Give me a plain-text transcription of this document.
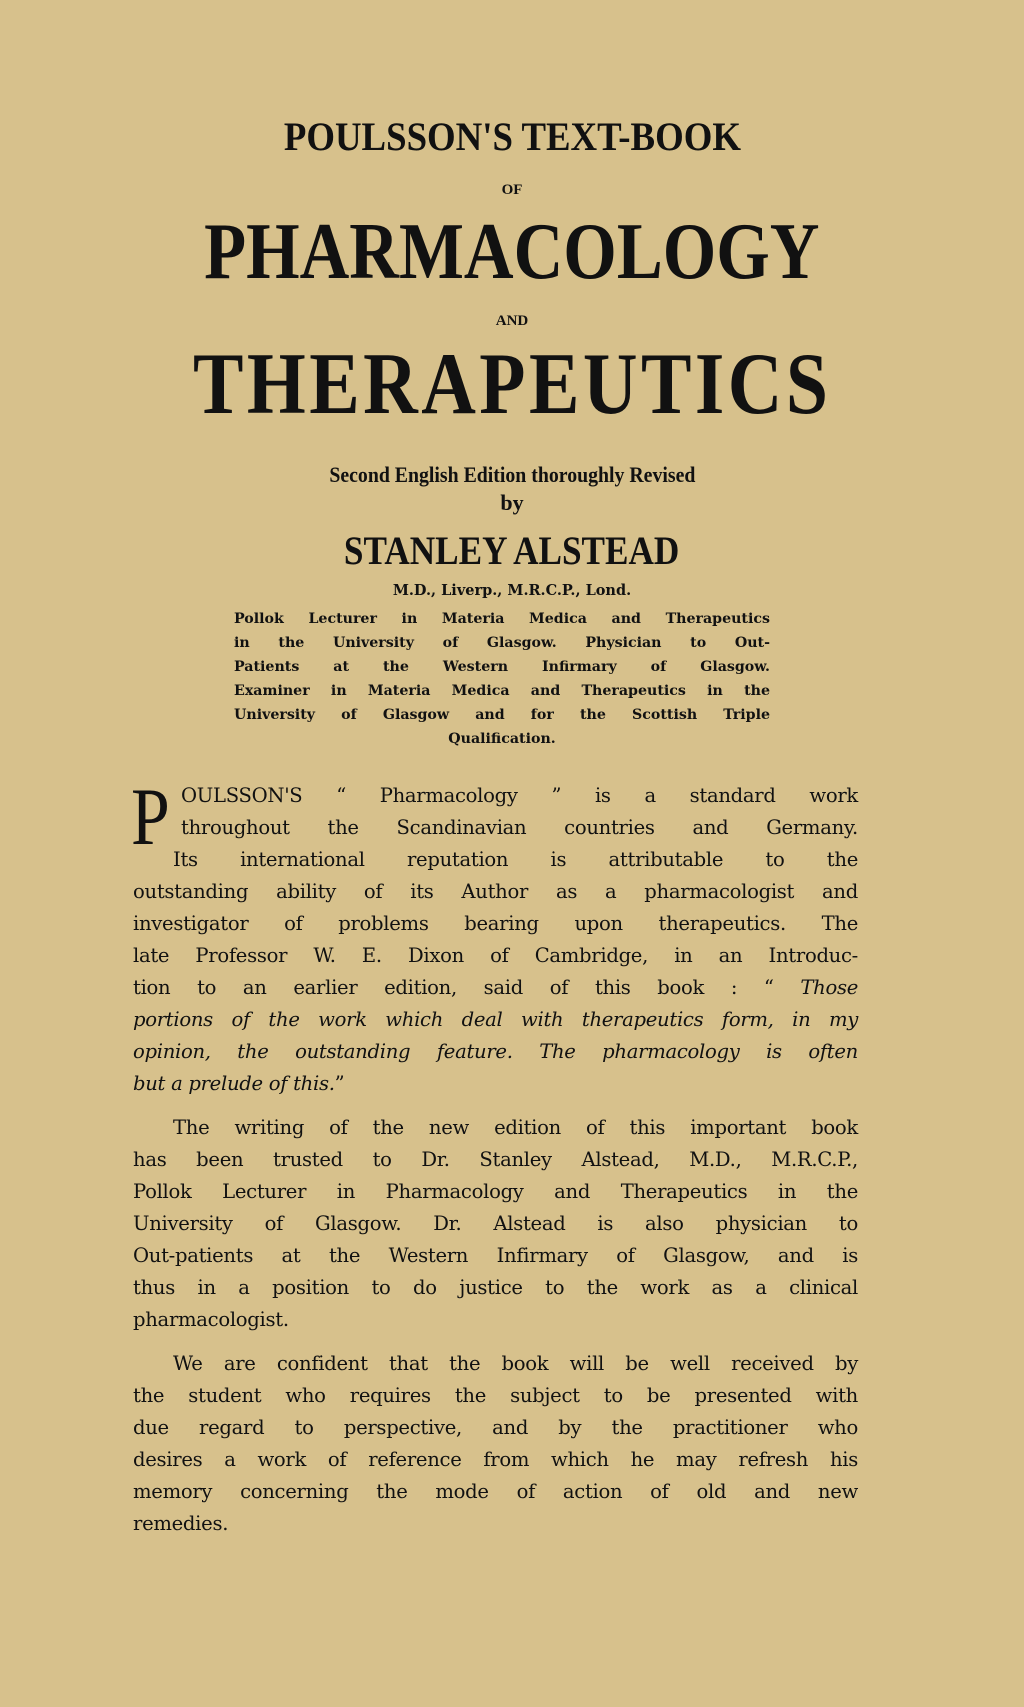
POULSSON'S TEXT-BOOK
OF
PHARMACOLOGY
AND
THERAPEUTICS
Second English Edition thoroughly Revised
by
STANLEY ALSTEAD
M.D., Liverp., M.R.C.P., Lond.
Pollok Lecturer in Materia Medica and Therapeutics
in the University of Glasgow. Physician to Out-
Patients at the Western Infirmary of Glasgow.
Examiner in Materia Medica and Therapeutics in the
University of Glasgow and for the Scottish Triple
Qualification.
P OULSSON'S “ Pharmacology ” is a standard work
throughout the Scandinavian countries and Germany.
Its international reputation is attributable to the
outstanding ability of its Author as a pharmacologist and
investigator of problems bearing upon therapeutics. The
late Professor W. E. Dixon of Cambridge, in an Introduc-
tion to an earlier edition, said of this book : “ Those
portions of the work which deal with therapeutics form, in my
opinion, the outstanding feature. The pharmacology is often
but a prelude of this.”
The writing of the new edition of this important book
has been trusted to Dr. Stanley Alstead, M.D., M.R.C.P.,
Pollok Lecturer in Pharmacology and Therapeutics in the
University of Glasgow. Dr. Alstead is also physician to
Out-patients at the Western Infirmary of Glasgow, and is
thus in a position to do justice to the work as a clinical
pharmacologist.
We are confident that the book will be well received by
the student who requires the subject to be presented with
due regard to perspective, and by the practitioner who
desires a work of reference from which he may refresh his
memory concerning the mode of action of old and new
remedies.
